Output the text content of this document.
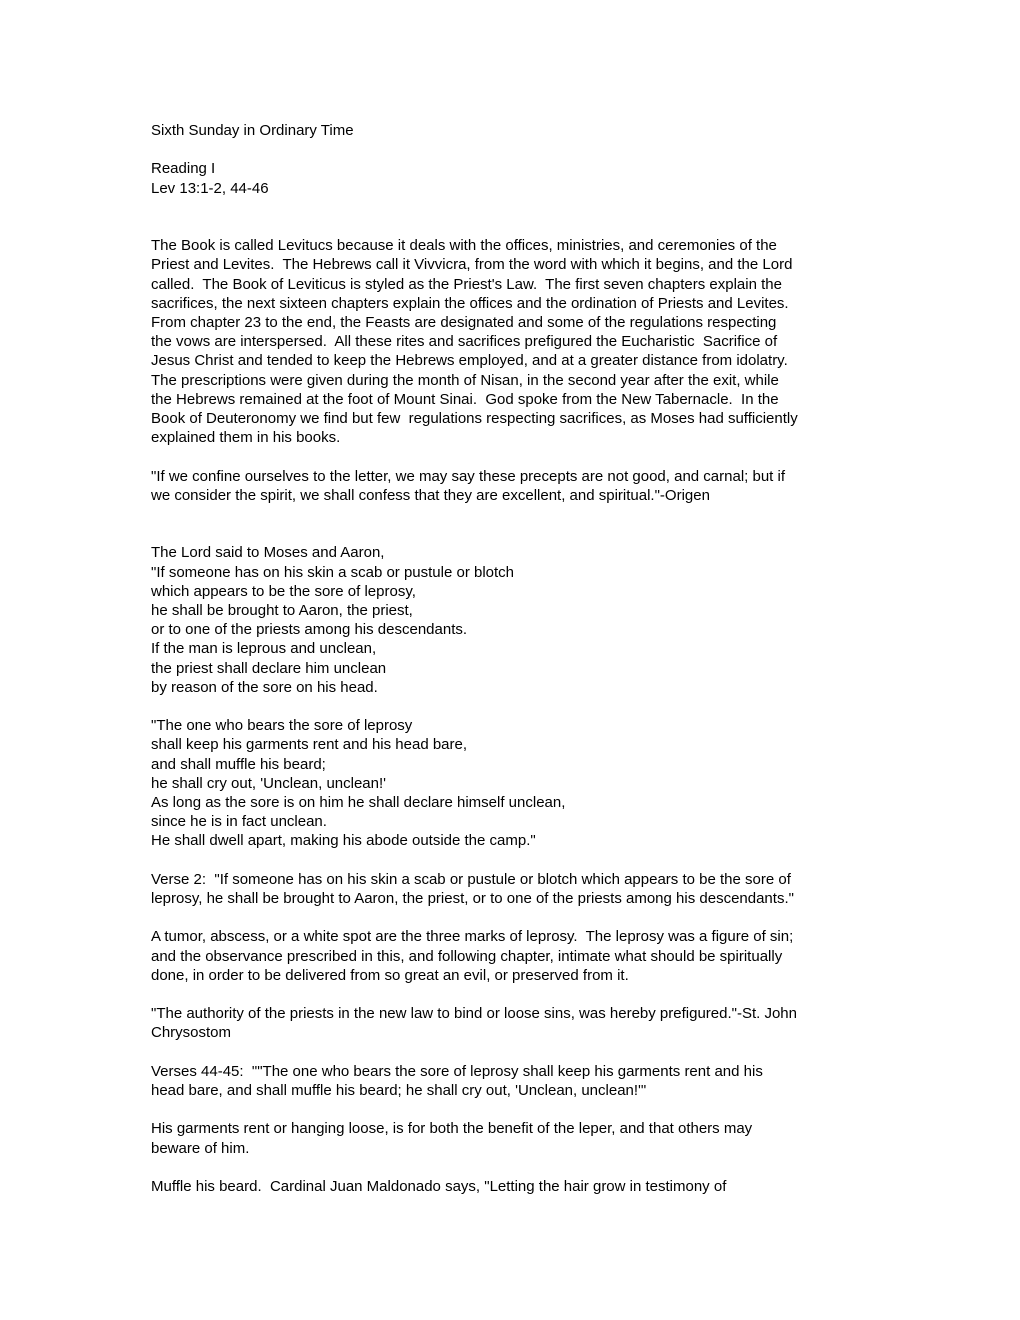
Sixth Sunday in Ordinary Time

Reading I
Lev 13:1-2, 44-46

The Book is called Levitucs because it deals with the offices, ministries, and ceremonies of the
Priest and Levites.  The Hebrews call it Vivvicra, from the word with which it begins, and the Lord
called.  The Book of Leviticus is styled as the Priest's Law.  The first seven chapters explain the
sacrifices, the next sixteen chapters explain the offices and the ordination of Priests and Levites.
From chapter 23 to the end, the Feasts are designated and some of the regulations respecting
the vows are interspersed.  All these rites and sacrifices prefigured the Eucharistic  Sacrifice of
Jesus Christ and tended to keep the Hebrews employed, and at a greater distance from idolatry.
The prescriptions were given during the month of Nisan, in the second year after the exit, while
the Hebrews remained at the foot of Mount Sinai.  God spoke from the New Tabernacle.  In the
Book of Deuteronomy we find but few  regulations respecting sacrifices, as Moses had sufficiently
explained them in his books.

"If we confine ourselves to the letter, we may say these precepts are not good, and carnal; but if
we consider the spirit, we shall confess that they are excellent, and spiritual."-Origen

The Lord said to Moses and Aaron,
"If someone has on his skin a scab or pustule or blotch
which appears to be the sore of leprosy,
he shall be brought to Aaron, the priest,
or to one of the priests among his descendants.
If the man is leprous and unclean,
the priest shall declare him unclean
by reason of the sore on his head.

"The one who bears the sore of leprosy
shall keep his garments rent and his head bare,
and shall muffle his beard;
he shall cry out, 'Unclean, unclean!'
As long as the sore is on him he shall declare himself unclean,
since he is in fact unclean.
He shall dwell apart, making his abode outside the camp."

Verse 2:  "If someone has on his skin a scab or pustule or blotch which appears to be the sore of
leprosy, he shall be brought to Aaron, the priest, or to one of the priests among his descendants."

A tumor, abscess, or a white spot are the three marks of leprosy.  The leprosy was a figure of sin;
and the observance prescribed in this, and following chapter, intimate what should be spiritually
done, in order to be delivered from so great an evil, or preserved from it.

"The authority of the priests in the new law to bind or loose sins, was hereby prefigured."-St. John
Chrysostom

Verses 44-45:  ""The one who bears the sore of leprosy shall keep his garments rent and his
head bare, and shall muffle his beard; he shall cry out, 'Unclean, unclean!'"

His garments rent or hanging loose, is for both the benefit of the leper, and that others may
beware of him.

Muffle his beard.  Cardinal Juan Maldonado says, "Letting the hair grow in testimony of
